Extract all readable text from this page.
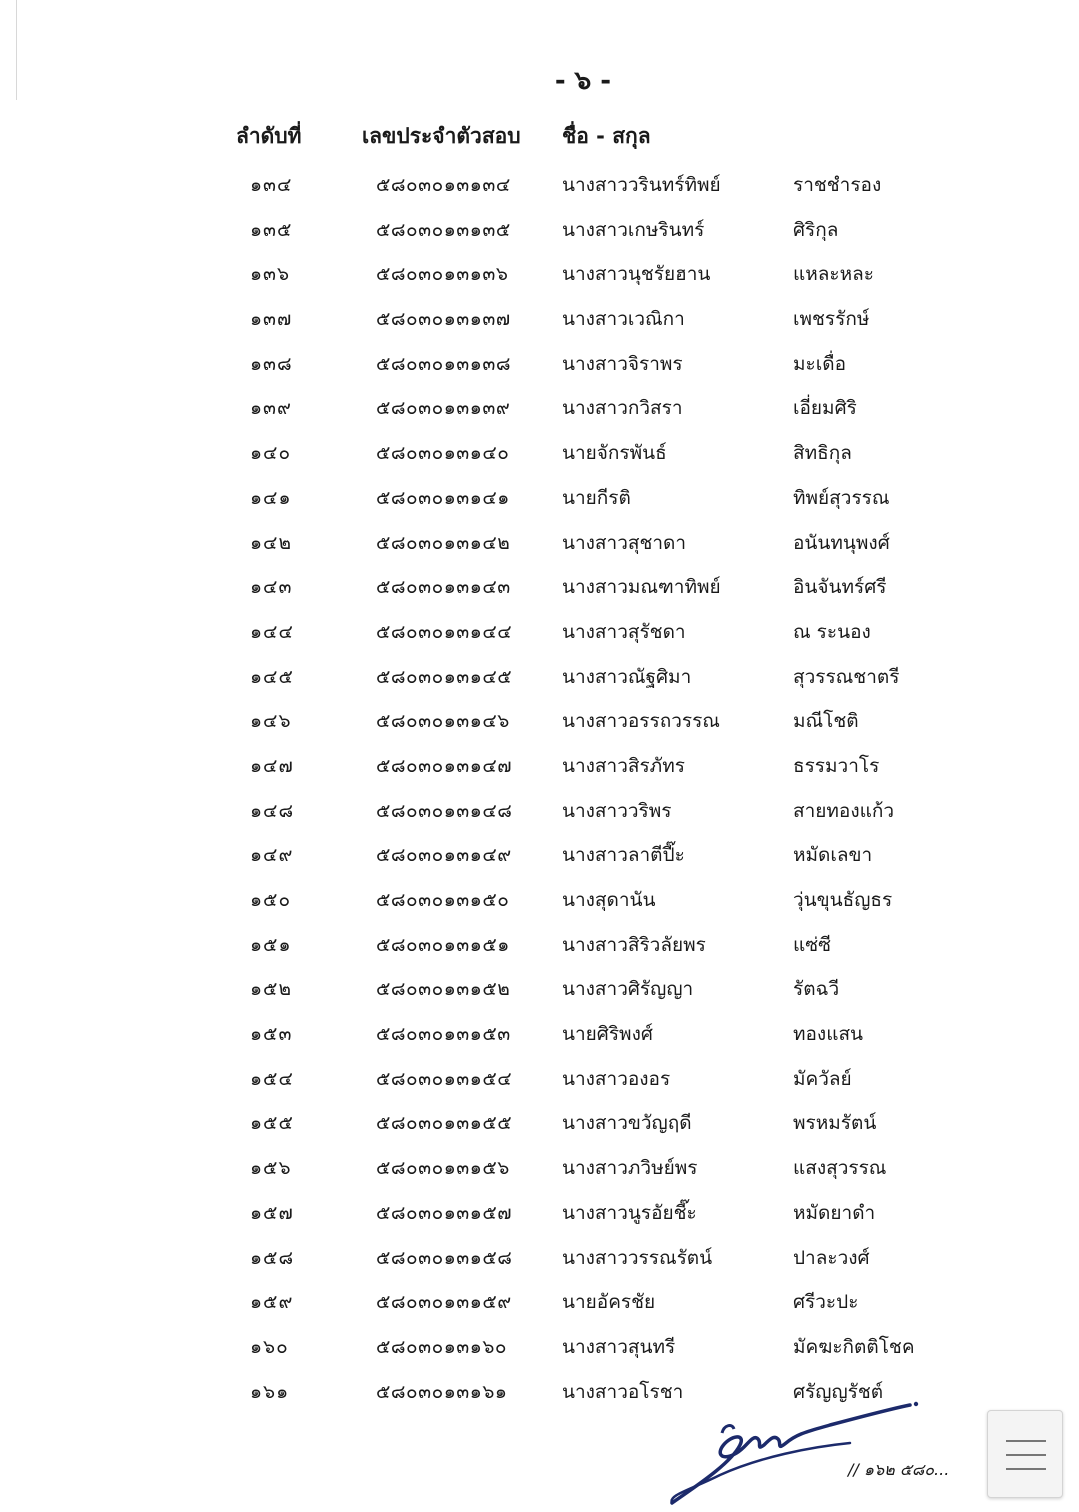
- ๖ -
ลำดับที่	เลขประจำตัวสอบ ชื่อ - สกุล
๑๓๔	๕๘๐๓๐๑๓๑๓๔	นางสาววรินทร์ทิพย์	ราชชำรอง
๑๓๕	๕๘๐๓๐๑๓๑๓๕	นางสาวเกษรินทร์	ศิริกุล
๑๓๖	๕๘๐๓๐๑๓๑๓๖	นางสาวนุชรัยฮาน	แหละหละ
๑๓๗	๕๘๐๓๐๑๓๑๓๗	นางสาวเวณิกา	เพชรรักษ์
๑๓๘	๕๘๐๓๐๑๓๑๓๘	นางสาวจิราพร	มะเดื่อ
๑๓๙	๕๘๐๓๐๑๓๑๓๙	นางสาวกวิสรา	เอี่ยมศิริ
๑๔๐	๕๘๐๓๐๑๓๑๔๐	นายจักรพันธ์	สิทธิกุล
๑๔๑	๕๘๐๓๐๑๓๑๔๑	นายกีรติ	ทิพย์สุวรรณ
๑๔๒	๕๘๐๓๐๑๓๑๔๒	นางสาวสุชาดา	อนันทนุพงศ์
๑๔๓	๕๘๐๓๐๑๓๑๔๓	นางสาวมณฑาทิพย์	อินจันทร์ศรี
๑๔๔	๕๘๐๓๐๑๓๑๔๔	นางสาวสุรัชดา	ณ ระนอง
๑๔๕	๕๘๐๓๐๑๓๑๔๕	นางสาวณัฐศิมา	สุวรรณชาตรี
๑๔๖	๕๘๐๓๐๑๓๑๔๖	นางสาวอรรถวรรณ	มณีโชติ
๑๔๗	๕๘๐๓๐๑๓๑๔๗	นางสาวสิรภัทร	ธรรมวาโร
๑๔๘	๕๘๐๓๐๑๓๑๔๘	นางสาววริพร	สายทองแก้ว
๑๔๙	๕๘๐๓๐๑๓๑๔๙	นางสาวลาตีปี๊ะ	หมัดเลขา
๑๕๐	๕๘๐๓๐๑๓๑๕๐	นางสุดานัน	วุ่นขุนธัญธร
๑๕๑	๕๘๐๓๐๑๓๑๕๑	นางสาวสิริวลัยพร	แซ่ซี
๑๕๒	๕๘๐๓๐๑๓๑๕๒	นางสาวศิรัญญา	รัตฉวี
๑๕๓	๕๘๐๓๐๑๓๑๕๓	นายศิริพงศ์	ทองแสน
๑๕๔	๕๘๐๓๐๑๓๑๕๔	นางสาวองอร	มัควัลย์
๑๕๕	๕๘๐๓๐๑๓๑๕๕	นางสาวขวัญฤดี	พรหมรัตน์
๑๕๖	๕๘๐๓๐๑๓๑๕๖	นางสาวภวิษย์พร	แสงสุวรรณ
๑๕๗	๕๘๐๓๐๑๓๑๕๗	นางสาวนูรอัยชี๊ะ	หมัดยาดำ
๑๕๘	๕๘๐๓๐๑๓๑๕๘	นางสาววรรณรัตน์	ปาละวงศ์
๑๕๙	๕๘๐๓๐๑๓๑๕๙	นายอัครชัย	ศรีวะปะ
๑๖๐	๕๘๐๓๐๑๓๑๖๐	นางสาวสุนทรี	มัคฆะกิตติโชค
๑๖๑	๕๘๐๓๐๑๓๑๖๑	นางสาวอโรชา	ศรัญญรัชต์
// ๑๖๒ ๕๘๐...
